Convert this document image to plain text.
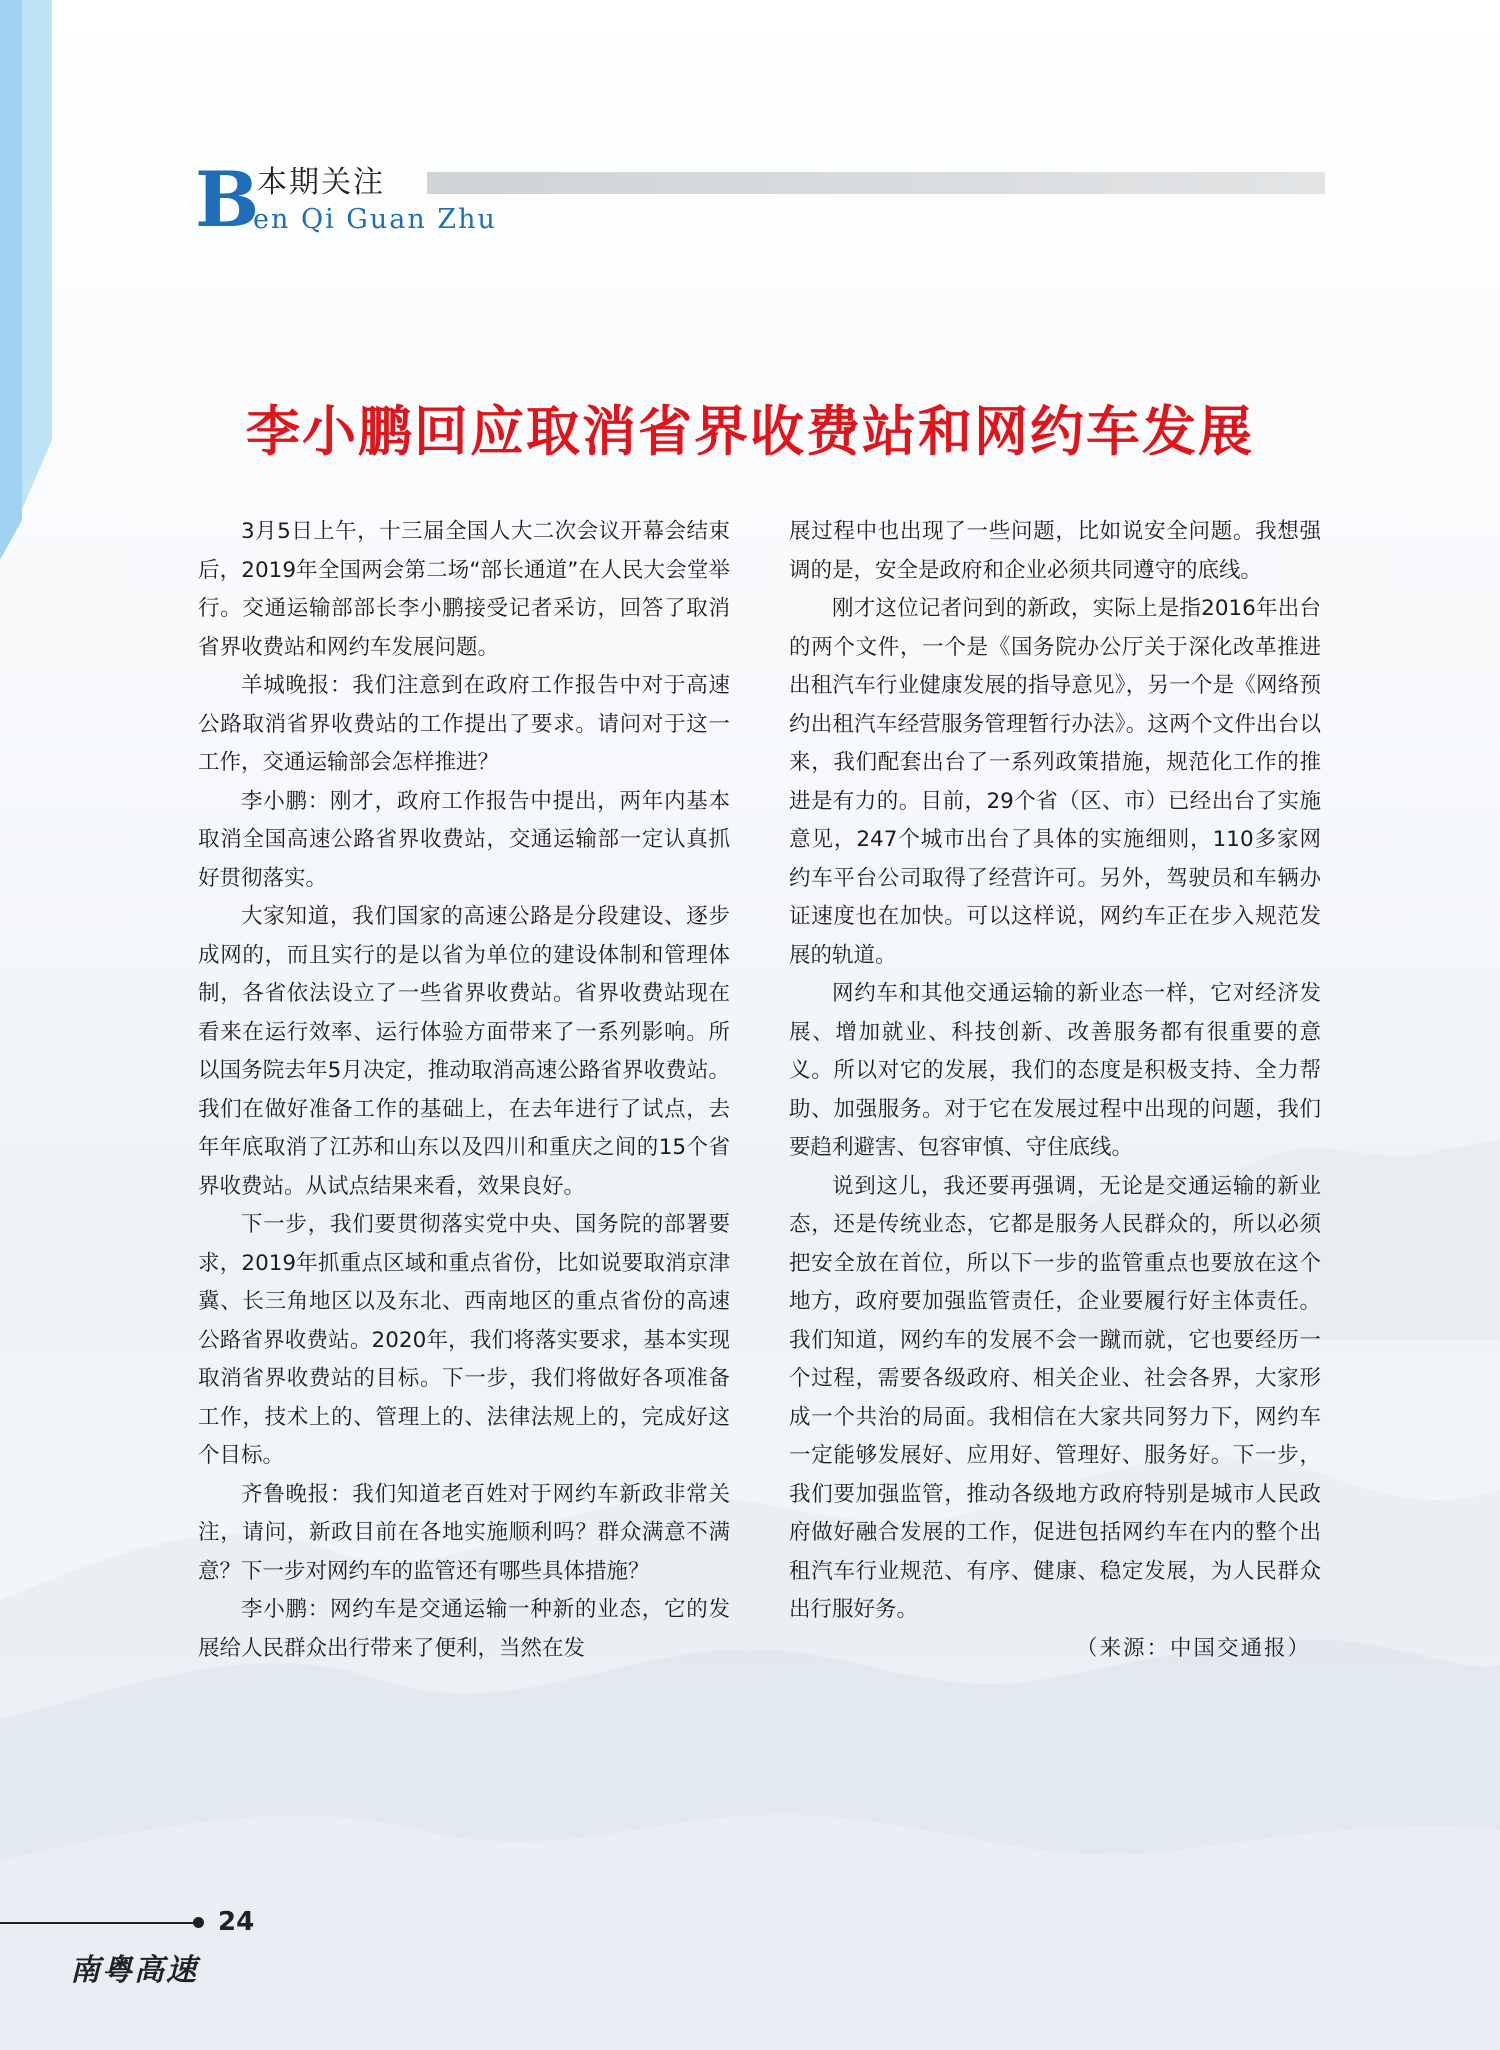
B
本期关注
en Qi Guan Zhu
李小鹏回应取消省界收费站和网约车发展

3月5日上午，十三届全国人大二次会议开幕会结束后，2019年全国两会第二场“部长通道”在人民大会堂举行。交通运输部部长李小鹏接受记者采访，回答了取消省界收费站和网约车发展问题。

羊城晚报：我们注意到在政府工作报告中对于高速公路取消省界收费站的工作提出了要求。请问对于这一工作，交通运输部会怎样推进？

李小鹏：刚才，政府工作报告中提出，两年内基本取消全国高速公路省界收费站，交通运输部一定认真抓好贯彻落实。

大家知道，我们国家的高速公路是分段建设、逐步成网的，而且实行的是以省为单位的建设体制和管理体制，各省依法设立了一些省界收费站。省界收费站现在看来在运行效率、运行体验方面带来了一系列影响。所以国务院去年5月决定，推动取消高速公路省界收费站。我们在做好准备工作的基础上，在去年进行了试点，去年年底取消了江苏和山东以及四川和重庆之间的15个省界收费站。从试点结果来看，效果良好。

下一步，我们要贯彻落实党中央、国务院的部署要求，2019年抓重点区域和重点省份，比如说要取消京津冀、长三角地区以及东北、西南地区的重点省份的高速公路省界收费站。2020年，我们将落实要求，基本实现取消省界收费站的目标。下一步，我们将做好各项准备工作，技术上的、管理上的、法律法规上的，完成好这个目标。

齐鲁晚报：我们知道老百姓对于网约车新政非常关注，请问，新政目前在各地实施顺利吗？群众满意不满意？下一步对网约车的监管还有哪些具体措施？

李小鹏：网约车是交通运输一种新的业态，它的发展给人民群众出行带来了便利，当然在发

展过程中也出现了一些问题，比如说安全问题。我想强调的是，安全是政府和企业必须共同遵守的底线。

刚才这位记者问到的新政，实际上是指2016年出台的两个文件，一个是《国务院办公厅关于深化改革推进出租汽车行业健康发展的指导意见》，另一个是《网络预约出租汽车经营服务管理暂行办法》。这两个文件出台以来，我们配套出台了一系列政策措施，规范化工作的推进是有力的。目前，29个省（区、市）已经出台了实施意见，247个城市出台了具体的实施细则，110多家网约车平台公司取得了经营许可。另外，驾驶员和车辆办证速度也在加快。可以这样说，网约车正在步入规范发展的轨道。

网约车和其他交通运输的新业态一样，它对经济发展、增加就业、科技创新、改善服务都有很重要的意义。所以对它的发展，我们的态度是积极支持、全力帮助、加强服务。对于它在发展过程中出现的问题，我们要趋利避害、包容审慎、守住底线。

说到这儿，我还要再强调，无论是交通运输的新业态，还是传统业态，它都是服务人民群众的，所以必须把安全放在首位，所以下一步的监管重点也要放在这个地方，政府要加强监管责任，企业要履行好主体责任。我们知道，网约车的发展不会一蹴而就，它也要经历一个过程，需要各级政府、相关企业、社会各界，大家形成一个共治的局面。我相信在大家共同努力下，网约车一定能够发展好、应用好、管理好、服务好。下一步，我们要加强监管，推动各级地方政府特别是城市人民政府做好融合发展的工作，促进包括网约车在内的整个出租汽车行业规范、有序、健康、稳定发展，为人民群众出行服好务。

（来源：中国交通报）

24
南粤高速
